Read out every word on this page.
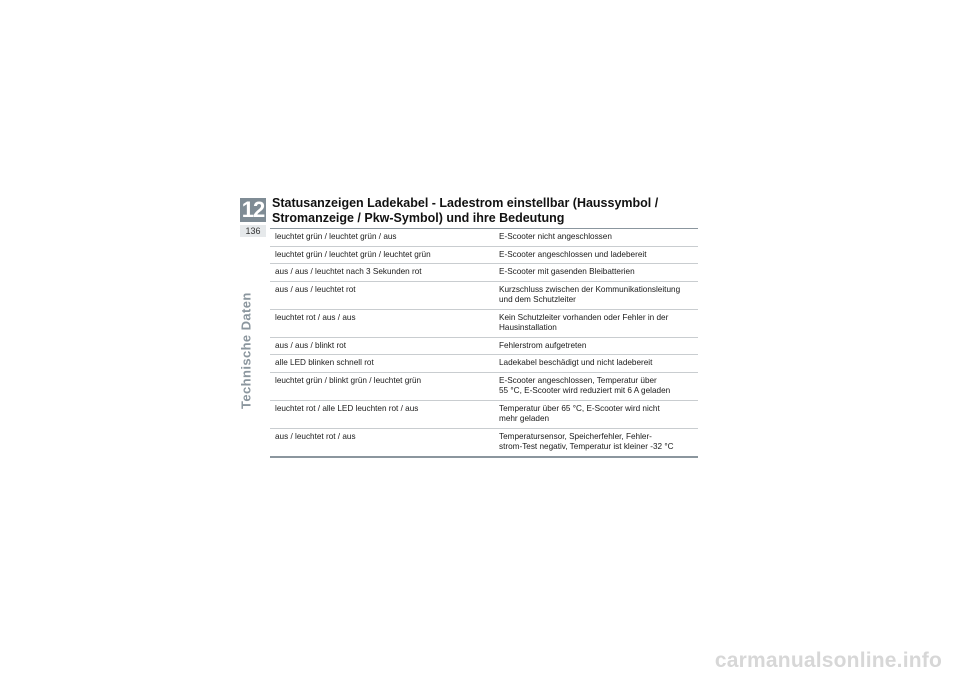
12
136
Technische Daten
Statusanzeigen Ladekabel - Ladestrom einstellbar (Haussymbol /
Stromanzeige / Pkw-Symbol) und ihre Bedeutung
leuchtet grün / leuchtet grün / aus	E-Scooter nicht angeschlossen

leuchtet grün / leuchtet grün / leuchtet grün	E-Scooter angeschlossen und ladebereit

aus / aus / leuchtet nach 3 Sekunden rot	E-Scooter mit gasenden Bleibatterien

aus / aus / leuchtet rot	Kurzschluss zwischen der Kommunikationsleitung
und dem Schutzleiter

leuchtet rot / aus / aus	Kein Schutzleiter vorhanden oder Fehler in der
Hausinstallation

aus / aus / blinkt rot	Fehlerstrom aufgetreten

alle LED blinken schnell rot	Ladekabel beschädigt und nicht ladebereit

leuchtet grün / blinkt grün / leuchtet grün	E-Scooter angeschlossen, Temperatur über
55 °C, E-Scooter wird reduziert mit 6 A geladen

leuchtet rot / alle LED leuchten rot / aus	Temperatur über 65 °C, E-Scooter wird nicht
mehr geladen

aus / leuchtet rot / aus	Temperatursensor, Speicherfehler, Fehler-
strom-Test negativ, Temperatur ist kleiner -32 °C
carmanualsonline.info
